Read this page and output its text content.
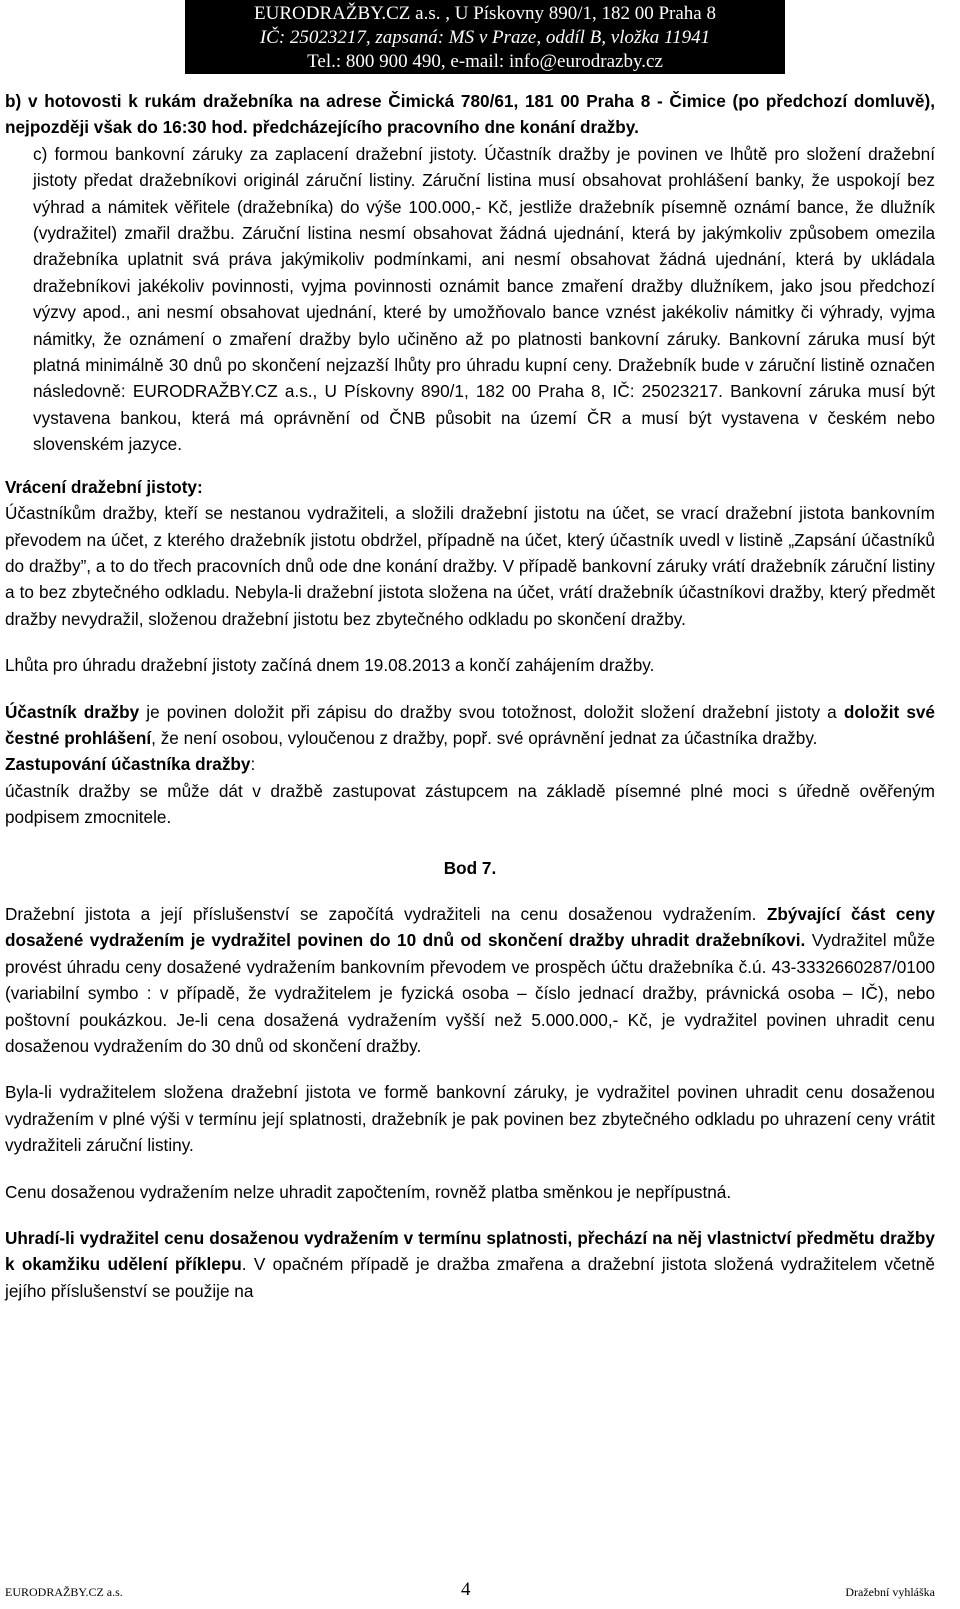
EURODRAŽBY.CZ a.s. , U Pískovny 890/1, 182 00 Praha 8
IČ: 25023217, zapsaná: MS v Praze, oddíl B, vložka 11941
Tel.: 800 900 490, e-mail: info@eurodrazby.cz

b) v hotovosti k rukám dražebníka na adrese Čimická 780/61, 181 00 Praha 8 - Čimice (po předchozí domluvě), nejpozději však do 16:30 hod. předcházejícího pracovního dne konání dražby.

c) formou bankovní záruky za zaplacení dražební jistoty. Účastník dražby je povinen ve lhůtě pro složení dražební jistoty předat dražebníkovi originál záruční listiny. Záruční listina musí obsahovat prohlášení banky, že uspokojí bez výhrad a námitek věřitele (dražebníka) do výše 100.000,- Kč, jestliže dražebník písemně oznámí bance, že dlužník (vydražitel) zmařil dražbu. Záruční listina nesmí obsahovat žádná ujednání, která by jakýmkoliv způsobem omezila dražebníka uplatnit svá práva jakýmikoliv podmínkami, ani nesmí obsahovat žádná ujednání, která by ukládala dražebníkovi jakékoliv povinnosti, vyjma povinnosti oznámit bance zmaření dražby dlužníkem, jako jsou předchozí výzvy apod., ani nesmí obsahovat ujednání, které by umožňovalo bance vznést jakékoliv námitky či výhrady, vyjma námitky, že oznámení o zmaření dražby bylo učiněno až po platnosti bankovní záruky. Bankovní záruka musí být platná minimálně 30 dnů po skončení nejzazší lhůty pro úhradu kupní ceny. Dražebník bude v záruční listině označen následovně: EURODRAŽBY.CZ a.s., U Pískovny 890/1, 182 00 Praha 8, IČ: 25023217. Bankovní záruka musí být vystavena bankou, která má oprávnění od ČNB působit na území ČR a musí být vystavena v českém nebo slovenském jazyce.

Vrácení dražební jistoty:

Účastníkům dražby, kteří se nestanou vydražiteli, a složili dražební jistotu na účet, se vrací dražební jistota bankovním převodem na účet, z kterého dražebník jistotu obdržel, případně na účet, který účastník uvedl v listině „Zapsání účastníků do dražby”, a to do třech pracovních dnů ode dne konání dražby. V případě bankovní záruky vrátí dražebník záruční listiny a to bez zbytečného odkladu. Nebyla-li dražební jistota složena na účet, vrátí dražebník účastníkovi dražby, který předmět dražby nevydražil, složenou dražební jistotu bez zbytečného odkladu po skončení dražby.

Lhůta pro úhradu dražební jistoty začíná dnem 19.08.2013 a končí zahájením dražby.

Účastník dražby je povinen doložit při zápisu do dražby svou totožnost, doložit složení dražební jistoty a doložit své čestné prohlášení, že není osobou, vyloučenou z dražby, popř. své oprávnění jednat za účastníka dražby.

Zastupování účastníka dražby:

účastník dražby se může dát v dražbě zastupovat zástupcem na základě písemné plné moci s úředně ověřeným podpisem zmocnitele.

Bod 7.

Dražební jistota a její příslušenství se započítá vydražiteli na cenu dosaženou vydražením. Zbývající část ceny dosažené vydražením je vydražitel povinen do 10 dnů od skončení dražby uhradit dražebníkovi. Vydražitel může provést úhradu ceny dosažené vydražením bankovním převodem ve prospěch účtu dražebníka č.ú. 43-3332660287/0100 (variabilní symbo : v případě, že vydražitelem je fyzická osoba – číslo jednací dražby, právnická osoba – IČ), nebo poštovní poukázkou. Je-li cena dosažená vydražením vyšší než 5.000.000,- Kč, je vydražitel povinen uhradit cenu dosaženou vydražením do 30 dnů od skončení dražby.

Byla-li vydražitelem složena dražební jistota ve formě bankovní záruky, je vydražitel povinen uhradit cenu dosaženou vydražením v plné výši v termínu její splatnosti, dražebník je pak povinen bez zbytečného odkladu po uhrazení ceny vrátit vydražiteli záruční listiny.

Cenu dosaženou vydražením nelze uhradit započtením, rovněž platba směnkou je nepřípustná.

Uhradí-li vydražitel cenu dosaženou vydražením v termínu splatnosti, přechází na něj vlastnictví předmětu dražby k okamžiku udělení příklepu. V opačném případě je dražba zmařena a dražební jistota složená vydražitelem včetně jejího příslušenství se použije na

EURODRAŽBY.CZ a.s.	4	Dražební vyhláška
